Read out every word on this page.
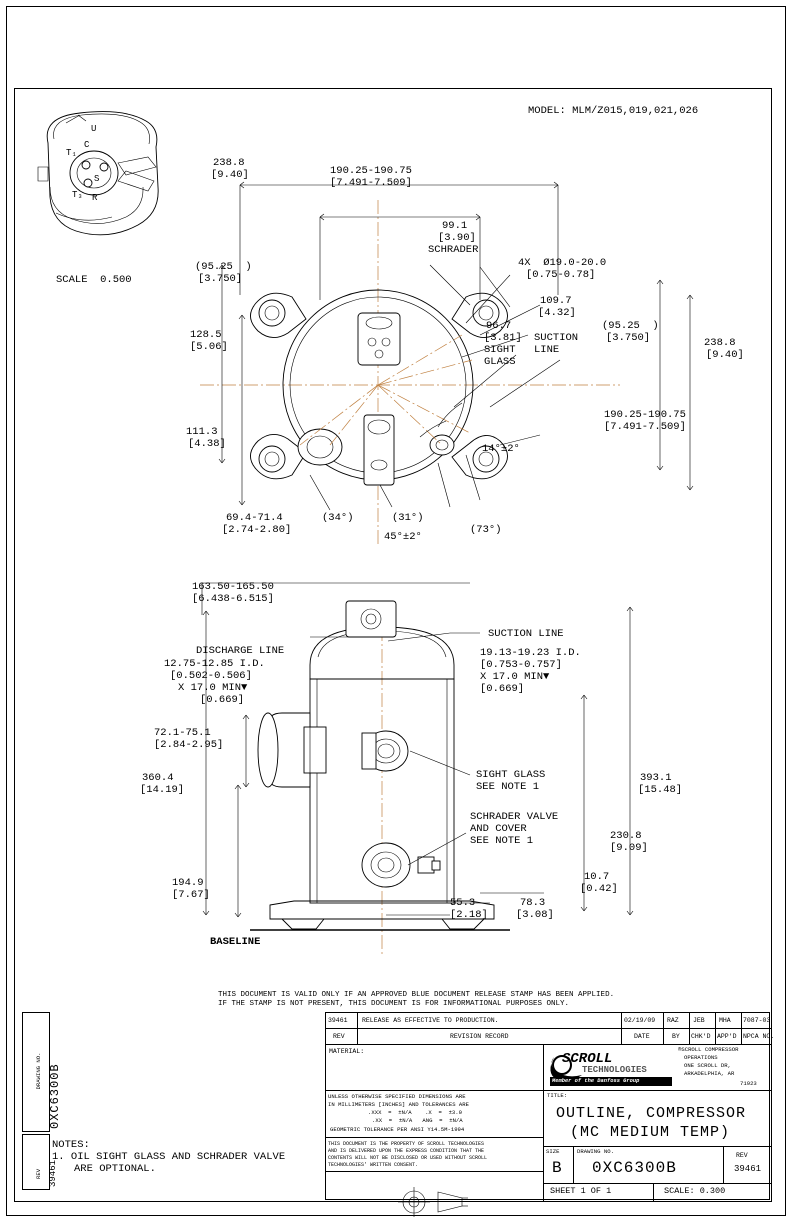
MODEL: MLM/Z015,019,021,026
U
C
T₁
T₃
S
R
SCALE  0.500
238.8
[9.40]	190.25-190.75
[7.491-7.509]
(95.25  )
[3.750]
99.1
[3.90]
SCHRADER
4X  Ø19.0-20.0
[0.75-0.78]
109.7
[4.32]
SUCTION
LINE
96.7
[3.81]
SIGHT
GLASS
(95.25  )
[3.750]	238.8
[9.40]
190.25-190.75
[7.491-7.509]
128.5
[5.06]
111.3
[4.38]
69.4-71.4
[2.74-2.80]
(34°)	(31°)
45°±2°
(73°)
14°±2°
163.50-165.50
[6.438-6.515]
DISCHARGE LINE
12.75-12.85 I.D.
[0.502-0.506]
X 17.0 MIN▼
[0.669]
SUCTION LINE
19.13-19.23 I.D.
[0.753-0.757]
X 17.0 MIN▼
[0.669]
72.1-75.1
[2.84-2.95]
360.4
[14.19]
194.9
[7.67]
SIGHT GLASS
SEE NOTE 1
SCHRADER VALVE
AND COVER
SEE NOTE 1
393.1
[15.48]
230.8
[9.09]
10.7
[0.42]
78.3
[3.08]
55.3
[2.18]
BASELINE
THIS DOCUMENT IS VALID ONLY IF AN APPROVED BLUE DOCUMENT RELEASE STAMP HAS BEEN APPLIED.
IF THE STAMP IS NOT PRESENT, THIS DOCUMENT IS FOR INFORMATIONAL PURPOSES ONLY.
NOTES:
1. OIL SIGHT GLASS AND SCHRADER VALVE
ARE OPTIONAL.
DRAWING NO. 0XC6300B
REV 39461
39461 RELEASE AS EFFECTIVE TO PRODUCTION.	02/19/09 RAZ JEB MHA 7087-03
REV	REVISION RECORD	DATE	BY CHK'D APP'D NPCA NO.
MATERIAL:
UNLESS OTHERWISE SPECIFIED DIMENSIONS ARE
IN MILLIMETERS [INCHES] AND TOLERANCES ARE
.XXX  =  ±N/A    .X  =  ±3.0
.XX  =  ±N/A   ANG  =  ±N/A
GEOMETRIC TOLERANCE PER ANSI Y14.5M-1994
THIS DOCUMENT IS THE PROPERTY OF SCROLL TECHNOLOGIES
AND IS DELIVERED UPON THE EXPRESS CONDITION THAT THE
CONTENTS WILL NOT BE DISCLOSED OR USED WITHOUT SCROLL
TECHNOLOGIES' WRITTEN CONSENT.
SCROLL
TECHNOLOGIES
Member of the Danfoss Group
®SCROLL COMPRESSOR
OPERATIONS
ONE SCROLL DR,
ARKADELPHIA, AR
71923
TITLE:
OUTLINE, COMPRESSOR
(MC MEDIUM TEMP)
SIZE
B
DRAWING NO.
0XC6300B
REV
39461
SHEET 1 OF 1	SCALE: 0.300
